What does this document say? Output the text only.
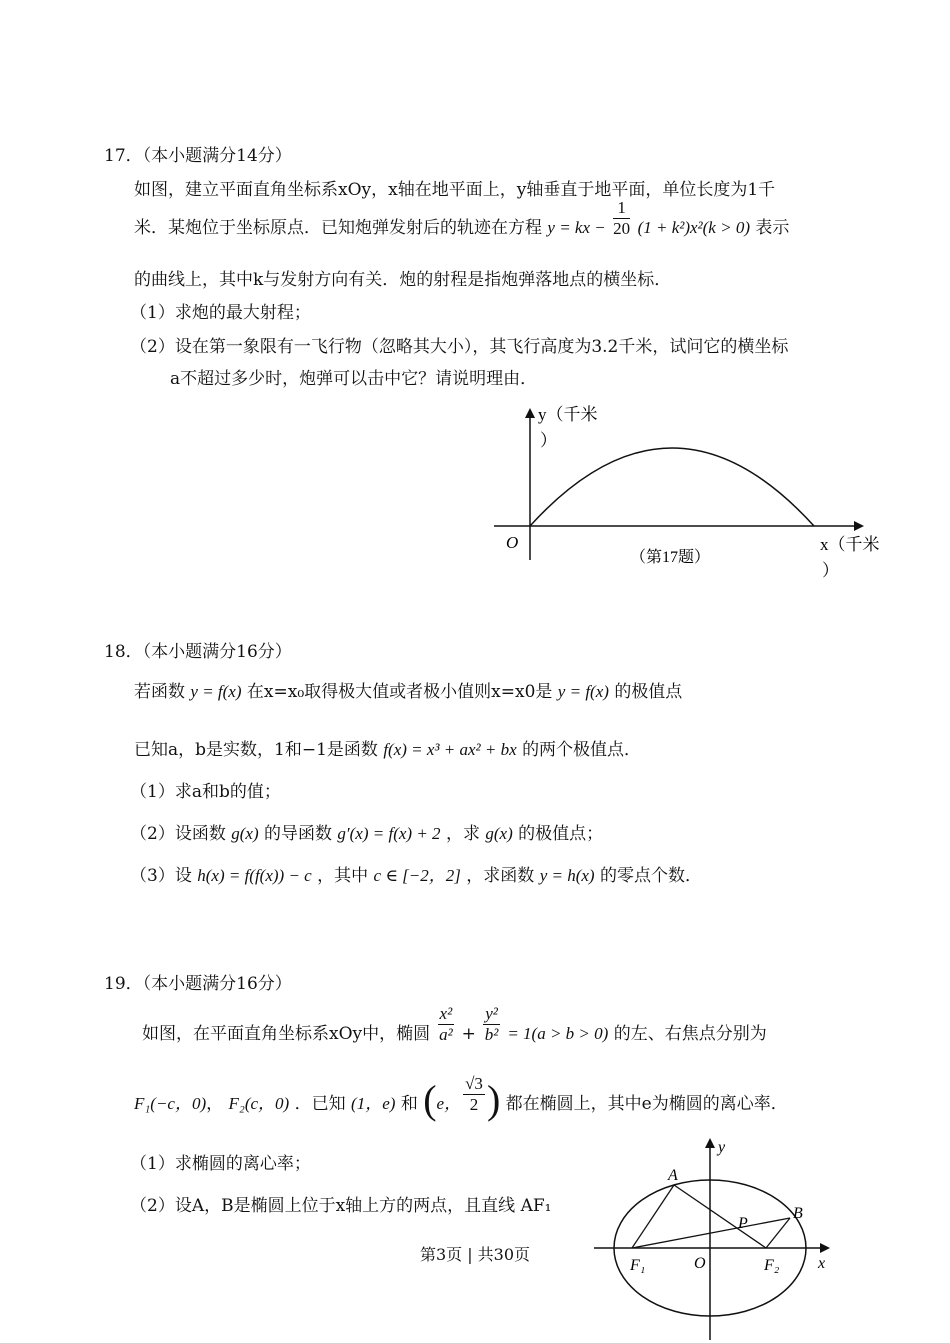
17．（本小题满分14分）
如图，建立平面直角坐标系xOy，x轴在地平面上，y轴垂直于地平面，单位长度为1千
米．某炮位于坐标原点．已知炮弹发射后的轨迹在方程 y = kx − $\frac{1}{20} (1 + k^2)x^2(k > 0)$ 表示
的曲线上，其中k与发射方向有关．炮的射程是指炮弹落地点的横坐标．
（1）求炮的最大射程；
（2）设在第一象限有一飞行物（忽略其大小），其飞行高度为3.2千米，试问它的横坐标
a不超过多少时，炮弹可以击中它？请说明理由．
y（千米
）
O	x（千米
）
（第17题）
18．（本小题满分16分）
若函数 y = f(x) 在x=x₀取得极大值或者极小值则x=x0是 y = f(x) 的极值点
已知a，b是实数，1和−1是函数 f(x) = x³ + ax² + bx 的两个极值点．
（1）求a和b的值；
（2）设函数 g(x) 的导函数 g′(x) = f(x) + 2 ，求 g(x) 的极值点；
（3）设 h(x) = f(f(x)) − c ，其中 c ∈ [−2，2] ，求函数 y = h(x) 的零点个数．
19．（本小题满分16分）
如图，在平面直角坐标系xOy中，椭圆 $\frac{\text{x²}}{\text{a²}} + \frac{\text{y²}}{\text{b²}} = 1(a > b > 0)$ 的左、右焦点分别为
F₁(−c，0)， F₂(c，0) ．已知 (1，e) 和 (e， $\frac{√3}{2}$ ) 都在椭圆上，其中e为椭圆的离心率．
（1）求椭圆的离心率；
（2）设A，B是椭圆上位于x轴上方的两点，且直线 AF₁
y
x
A
B
P
O
F₁	F₂
第3页 | 共30页
